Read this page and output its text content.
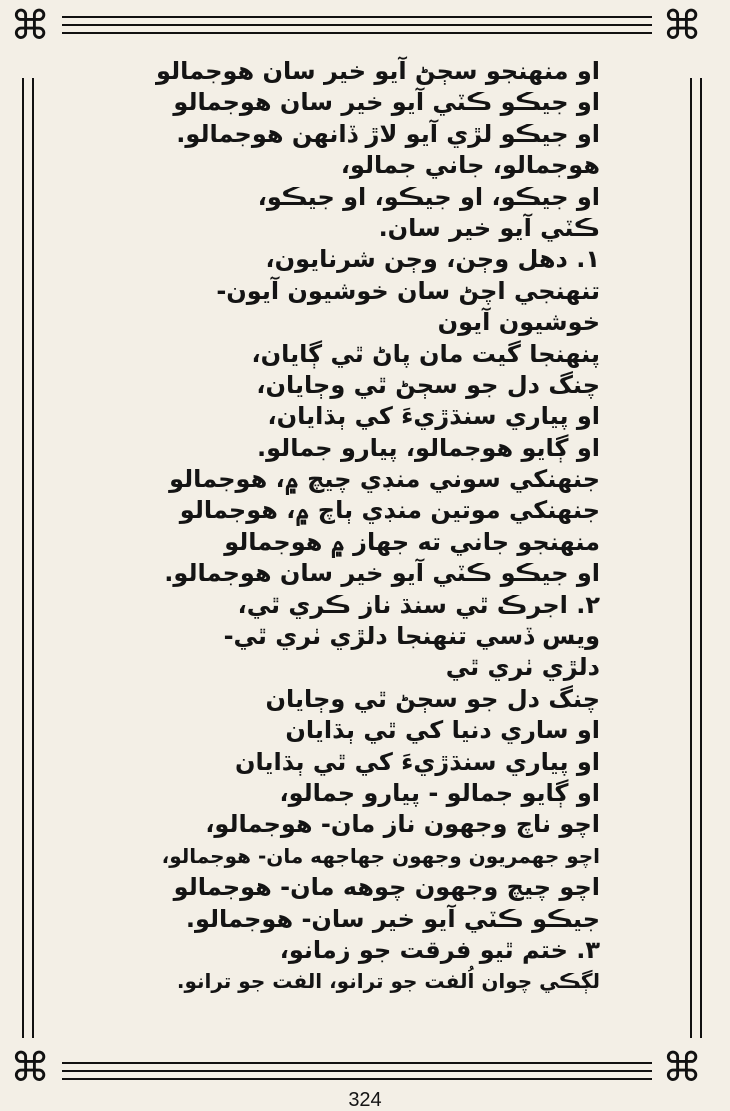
⌘	⌘
⌘	⌘
او منهنجو سڄڻ آيو خير سان هوجمالو
او جيڪو ڪٽي آيو خير سان هوجمالو
او جيڪو لڙي آيو لاڙ ڏانهن هوجمالو.
هوجمالو، جاني جمالو،
او جيڪو، او جيڪو، او جيڪو،
ڪٽي آيو خير سان.
۱. دهل وڄن، وڄن شرنايون،
تنهنجي اچڻ سان خوشيون آيون-
خوشيون آيون
پنهنجا گيت مان پاڻ ٿي ڳايان،
چنگ دل جو سڄڻ ٿي وڄايان،
او پياري سنڌڙيءَ کي ٻڌايان،
او ڳايو هوجمالو، پيارو جمالو.
جنهنکي سوني منڊي چيچ ۾، هوجمالو
جنهنکي موتين منڊي ٻاچ ۾، هوجمالو
منهنجو جاني ته جهاز ۾ هوجمالو
او جيڪو ڪٽي آيو خير سان هوجمالو.
۲. اجرڪ ٿي سنڌ ناز ڪري ٿي،
ويس ڏسي تنهنجا دلڙي ٺري ٿي-
دلڙي ٺري ٿي
چنگ دل جو سڄڻ ٿي وڄايان
او ساري دنيا کي ٿي ٻڌايان
او پياري سنڌڙيءَ کي ٿي ٻڌايان
او ڳايو جمالو - پيارو جمالو،
اچو ناچ وجهون ناز مان- هوجمالو،
اچو جهمريون وجهون جهاجهه مان- هوجمالو،
اچو چيچ وجهون چوهه مان- هوجمالو
جيڪو ڪٽي آيو خير سان- هوجمالو.
۳. ختم ٿيو فرقت جو زمانو،
لڳڪي چوان اُلفت جو ترانو، الفت جو ترانو.
324
